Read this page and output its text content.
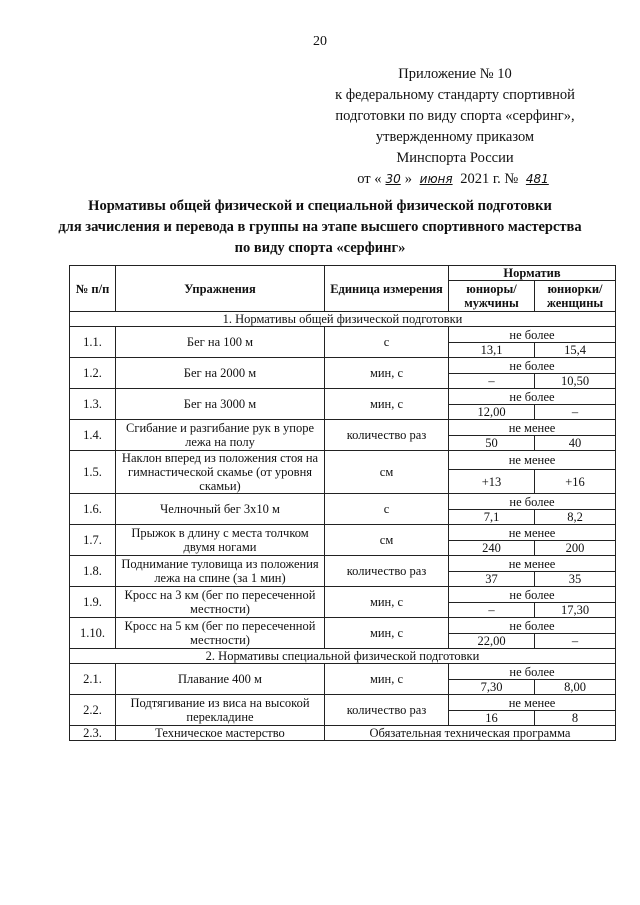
20
Приложение № 10
к федеральному стандарту спортивной
подготовки по виду спорта «серфинг»,
утвержденному приказом
Минспорта России
от « 30 » июня 2021 г. № 481
Нормативы общей физической и специальной физической подготовки
для зачисления и перевода в группы на этапе высшего спортивного мастерства
по виду спорта «серфинг»
№ п/п	Упражнения	Единица измерения	Норматив	
			юниоры/ мужчины	юниорки/ женщины
1. Нормативы общей физической подготовки				
1.1.	Бег на 100 м	с	не более	
			13,1	15,4
1.2.	Бег на 2000 м	мин, с	не более	
			–	10,50
1.3.	Бег на 3000 м	мин, с	не более	
			12,00	–
1.4.	Сгибание и разгибание рук в упоре лежа на полу	количество раз	не менее	
			50	40
1.5.	Наклон вперед из положения стоя на гимнастической скамье (от уровня скамьи)	см	не менее	
			+13	+16
1.6.	Челночный бег 3x10 м	с	не более	
			7,1	8,2
1.7.	Прыжок в длину с места толчком двумя ногами	см	не менее	
			240	200
1.8.	Поднимание туловища из положения лежа на спине (за 1 мин)	количество раз	не менее	
			37	35
1.9.	Кросс на 3 км (бег по пересеченной местности)	мин, с	не более	
			–	17,30
1.10.	Кросс на 5 км (бег по пересеченной местности)	мин, с	не более	
			22,00	–
2. Нормативы специальной физической подготовки				
2.1.	Плавание 400 м	мин, с	не более	
			7,30	8,00
2.2.	Подтягивание из виса на высокой перекладине	количество раз	не менее	
			16	8
2.3.	Техническое мастерство	Обязательная техническая программа		
